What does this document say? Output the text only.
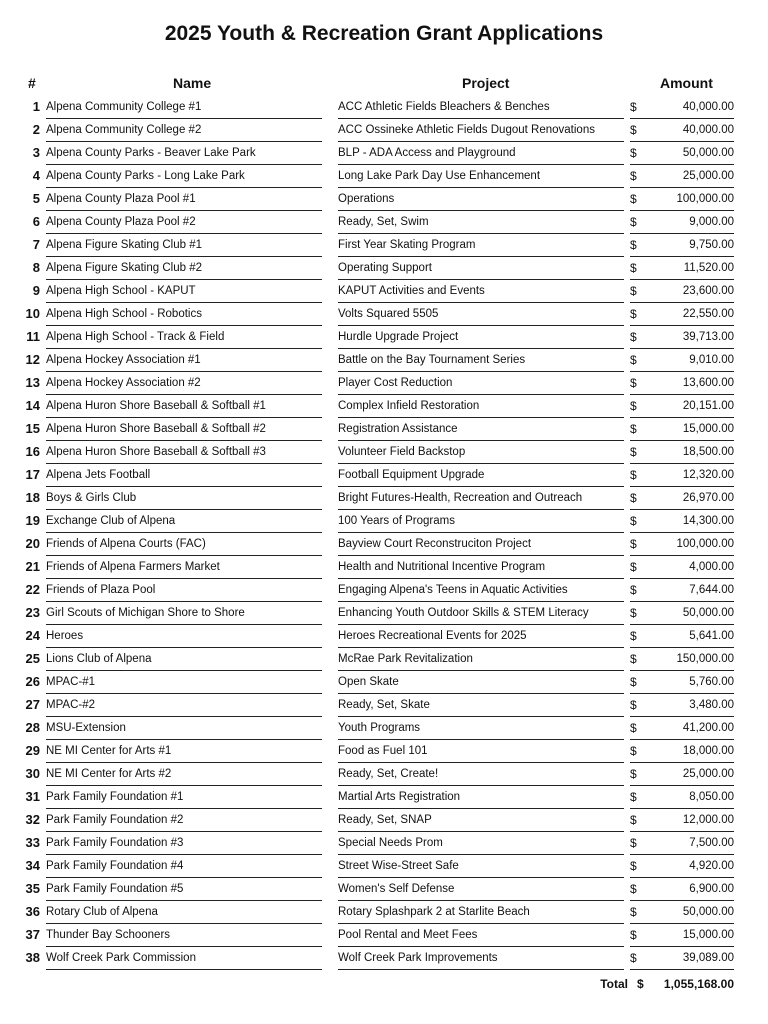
2025 Youth & Recreation Grant Applications
#	Name	Project	Amount
1 Alpena Community College #1	ACC Athletic Fields Bleachers & Benches	$	40,000.00
2 Alpena Community College #2	ACC Ossineke Athletic Fields Dugout Renovations	$	40,000.00
3 Alpena County Parks - Beaver Lake Park	BLP - ADA Access and Playground	$	50,000.00
4 Alpena County Parks - Long Lake Park	Long Lake Park Day Use Enhancement	$	25,000.00
5 Alpena County Plaza Pool #1	Operations	$	100,000.00
6 Alpena County Plaza Pool #2	Ready, Set, Swim	$	9,000.00
7 Alpena Figure Skating Club #1	First Year Skating Program	$	9,750.00
8 Alpena Figure Skating Club #2	Operating Support	$	11,520.00
9 Alpena High School - KAPUT	KAPUT Activities and Events	$	23,600.00
10 Alpena High School - Robotics	Volts Squared 5505	$	22,550.00
11 Alpena High School - Track & Field	Hurdle Upgrade Project	$	39,713.00
12 Alpena Hockey Association #1	Battle on the Bay Tournament Series	$	9,010.00
13 Alpena Hockey Association #2	Player Cost Reduction	$	13,600.00
14 Alpena Huron Shore Baseball & Softball #1	Complex Infield Restoration	$	20,151.00
15 Alpena Huron Shore Baseball & Softball #2	Registration Assistance	$	15,000.00
16 Alpena Huron Shore Baseball & Softball #3	Volunteer Field Backstop	$	18,500.00
17 Alpena Jets Football	Football Equipment Upgrade	$	12,320.00
18 Boys & Girls Club	Bright Futures-Health, Recreation and Outreach	$	26,970.00
19 Exchange Club of Alpena	100 Years of Programs	$	14,300.00
20 Friends of Alpena Courts (FAC)	Bayview Court Reconstruciton Project	$	100,000.00
21 Friends of Alpena Farmers Market	Health and Nutritional Incentive Program	$	4,000.00
22 Friends of Plaza Pool	Engaging Alpena's Teens in Aquatic Activities	$	7,644.00
23 Girl Scouts of Michigan Shore to Shore	Enhancing Youth Outdoor Skills & STEM Literacy	$	50,000.00
24 Heroes	Heroes Recreational Events for 2025	$	5,641.00
25 Lions Club of Alpena	McRae Park Revitalization	$	150,000.00
26 MPAC-#1	Open Skate	$	5,760.00
27 MPAC-#2	Ready, Set, Skate	$	3,480.00
28 MSU-Extension	Youth Programs	$	41,200.00
29 NE MI Center for Arts #1	Food as Fuel 101	$	18,000.00
30 NE MI Center for Arts #2	Ready, Set, Create!	$	25,000.00
31 Park Family Foundation #1	Martial Arts Registration	$	8,050.00
32 Park Family Foundation #2	Ready, Set, SNAP	$	12,000.00
33 Park Family Foundation #3	Special Needs Prom	$	7,500.00
34 Park Family Foundation #4	Street Wise-Street Safe	$	4,920.00
35 Park Family Foundation #5	Women's Self Defense	$	6,900.00
36 Rotary Club of Alpena	Rotary Splashpark 2 at Starlite Beach	$	50,000.00
37 Thunder Bay Schooners	Pool Rental and Meet Fees	$	15,000.00
38 Wolf Creek Park Commission	Wolf Creek Park Improvements	$	39,089.00
Total $	1,055,168.00
